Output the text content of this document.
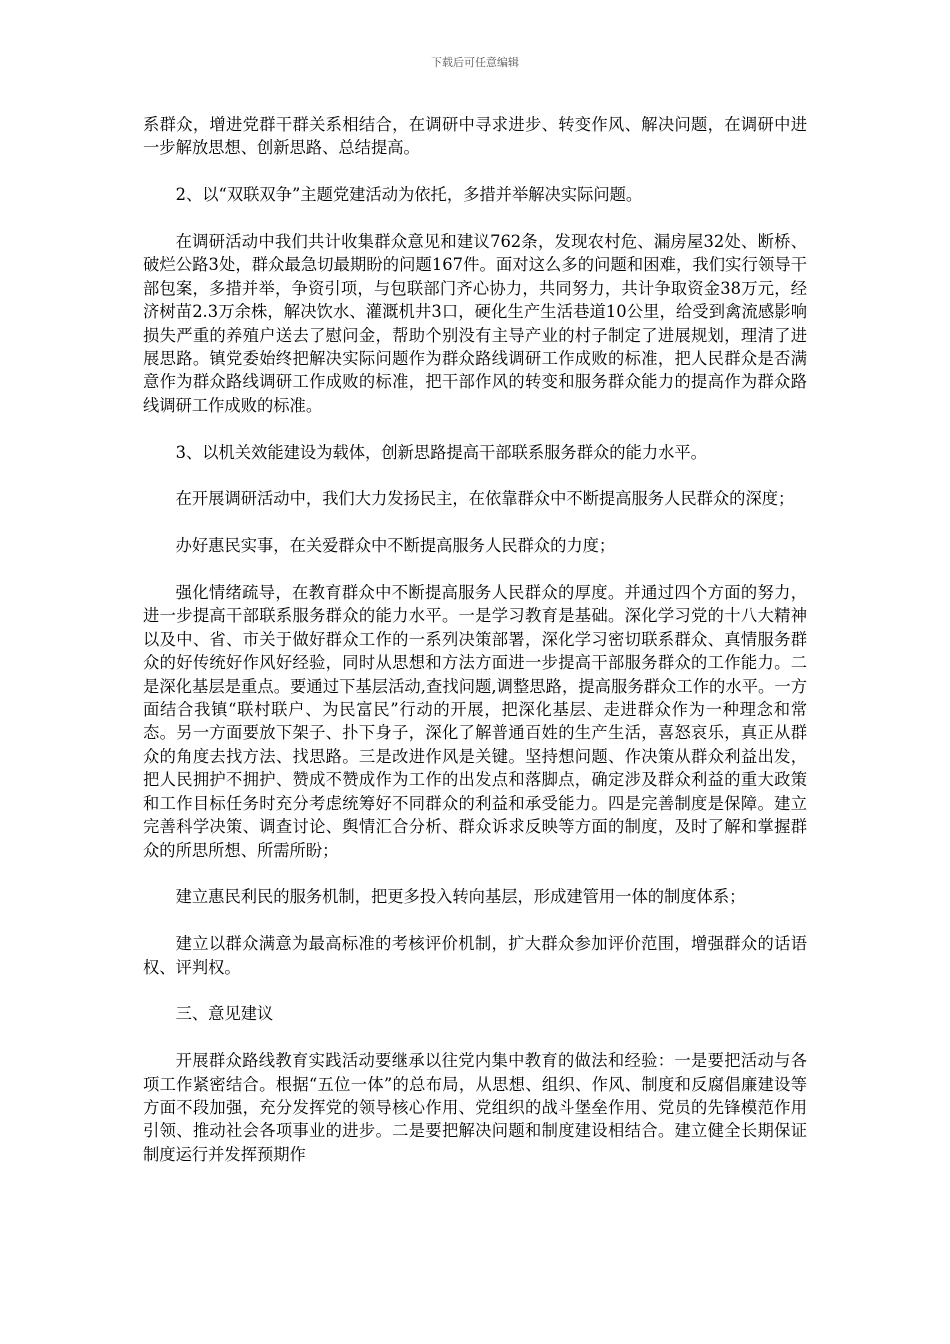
下载后可任意编辑

系群众，增进党群干群关系相结合，在调研中寻求进步、转变作风、解决问题，在调研中进一步解放思想、创新思路、总结提高。

2、以“双联双争”主题党建活动为依托，多措并举解决实际问题。

在调研活动中我们共计收集群众意见和建议762条，发现农村危、漏房屋32处、断桥、破烂公路3处，群众最急切最期盼的问题167件。面对这么多的问题和困难，我们实行领导干部包案，多措并举，争资引项，与包联部门齐心协力，共同努力，共计争取资金38万元，经济树苗2.3万余株，解决饮水、灌溉机井3口，硬化生产生活巷道10公里，给受到禽流感影响损失严重的养殖户送去了慰问金，帮助个别没有主导产业的村子制定了进展规划，理清了进展思路。镇党委始终把解决实际问题作为群众路线调研工作成败的标准，把人民群众是否满意作为群众路线调研工作成败的标准，把干部作风的转变和服务群众能力的提高作为群众路线调研工作成败的标准。

3、以机关效能建设为载体，创新思路提高干部联系服务群众的能力水平。

在开展调研活动中，我们大力发扬民主，在依靠群众中不断提高服务人民群众的深度；

办好惠民实事，在关爱群众中不断提高服务人民群众的力度；

强化情绪疏导，在教育群众中不断提高服务人民群众的厚度。并通过四个方面的努力，进一步提高干部联系服务群众的能力水平。一是学习教育是基础。深化学习党的十八大精神以及中、省、市关于做好群众工作的一系列决策部署，深化学习密切联系群众、真情服务群众的好传统好作风好经验，同时从思想和方法方面进一步提高干部服务群众的工作能力。二是深化基层是重点。要通过下基层活动,查找问题,调整思路，提高服务群众工作的水平。一方面结合我镇“联村联户、为民富民”行动的开展，把深化基层、走进群众作为一种理念和常态。另一方面要放下架子、扑下身子，深化了解普通百姓的生产生活，喜怒哀乐，真正从群众的角度去找方法、找思路。三是改进作风是关键。坚持想问题、作决策从群众利益出发，把人民拥护不拥护、赞成不赞成作为工作的出发点和落脚点，确定涉及群众利益的重大政策和工作目标任务时充分考虑统筹好不同群众的利益和承受能力。四是完善制度是保障。建立完善科学决策、调查讨论、舆情汇合分析、群众诉求反映等方面的制度，及时了解和掌握群众的所思所想、所需所盼；

建立惠民利民的服务机制，把更多投入转向基层，形成建管用一体的制度体系；

建立以群众满意为最高标准的考核评价机制，扩大群众参加评价范围，增强群众的话语权、评判权。

三、意见建议

开展群众路线教育实践活动要继承以往党内集中教育的做法和经验：一是要把活动与各项工作紧密结合。根据“五位一体”的总布局，从思想、组织、作风、制度和反腐倡廉建设等方面不段加强，充分发挥党的领导核心作用、党组织的战斗堡垒作用、党员的先锋模范作用引领、推动社会各项事业的进步。二是要把解决问题和制度建设相结合。建立健全长期保证制度运行并发挥预期作
